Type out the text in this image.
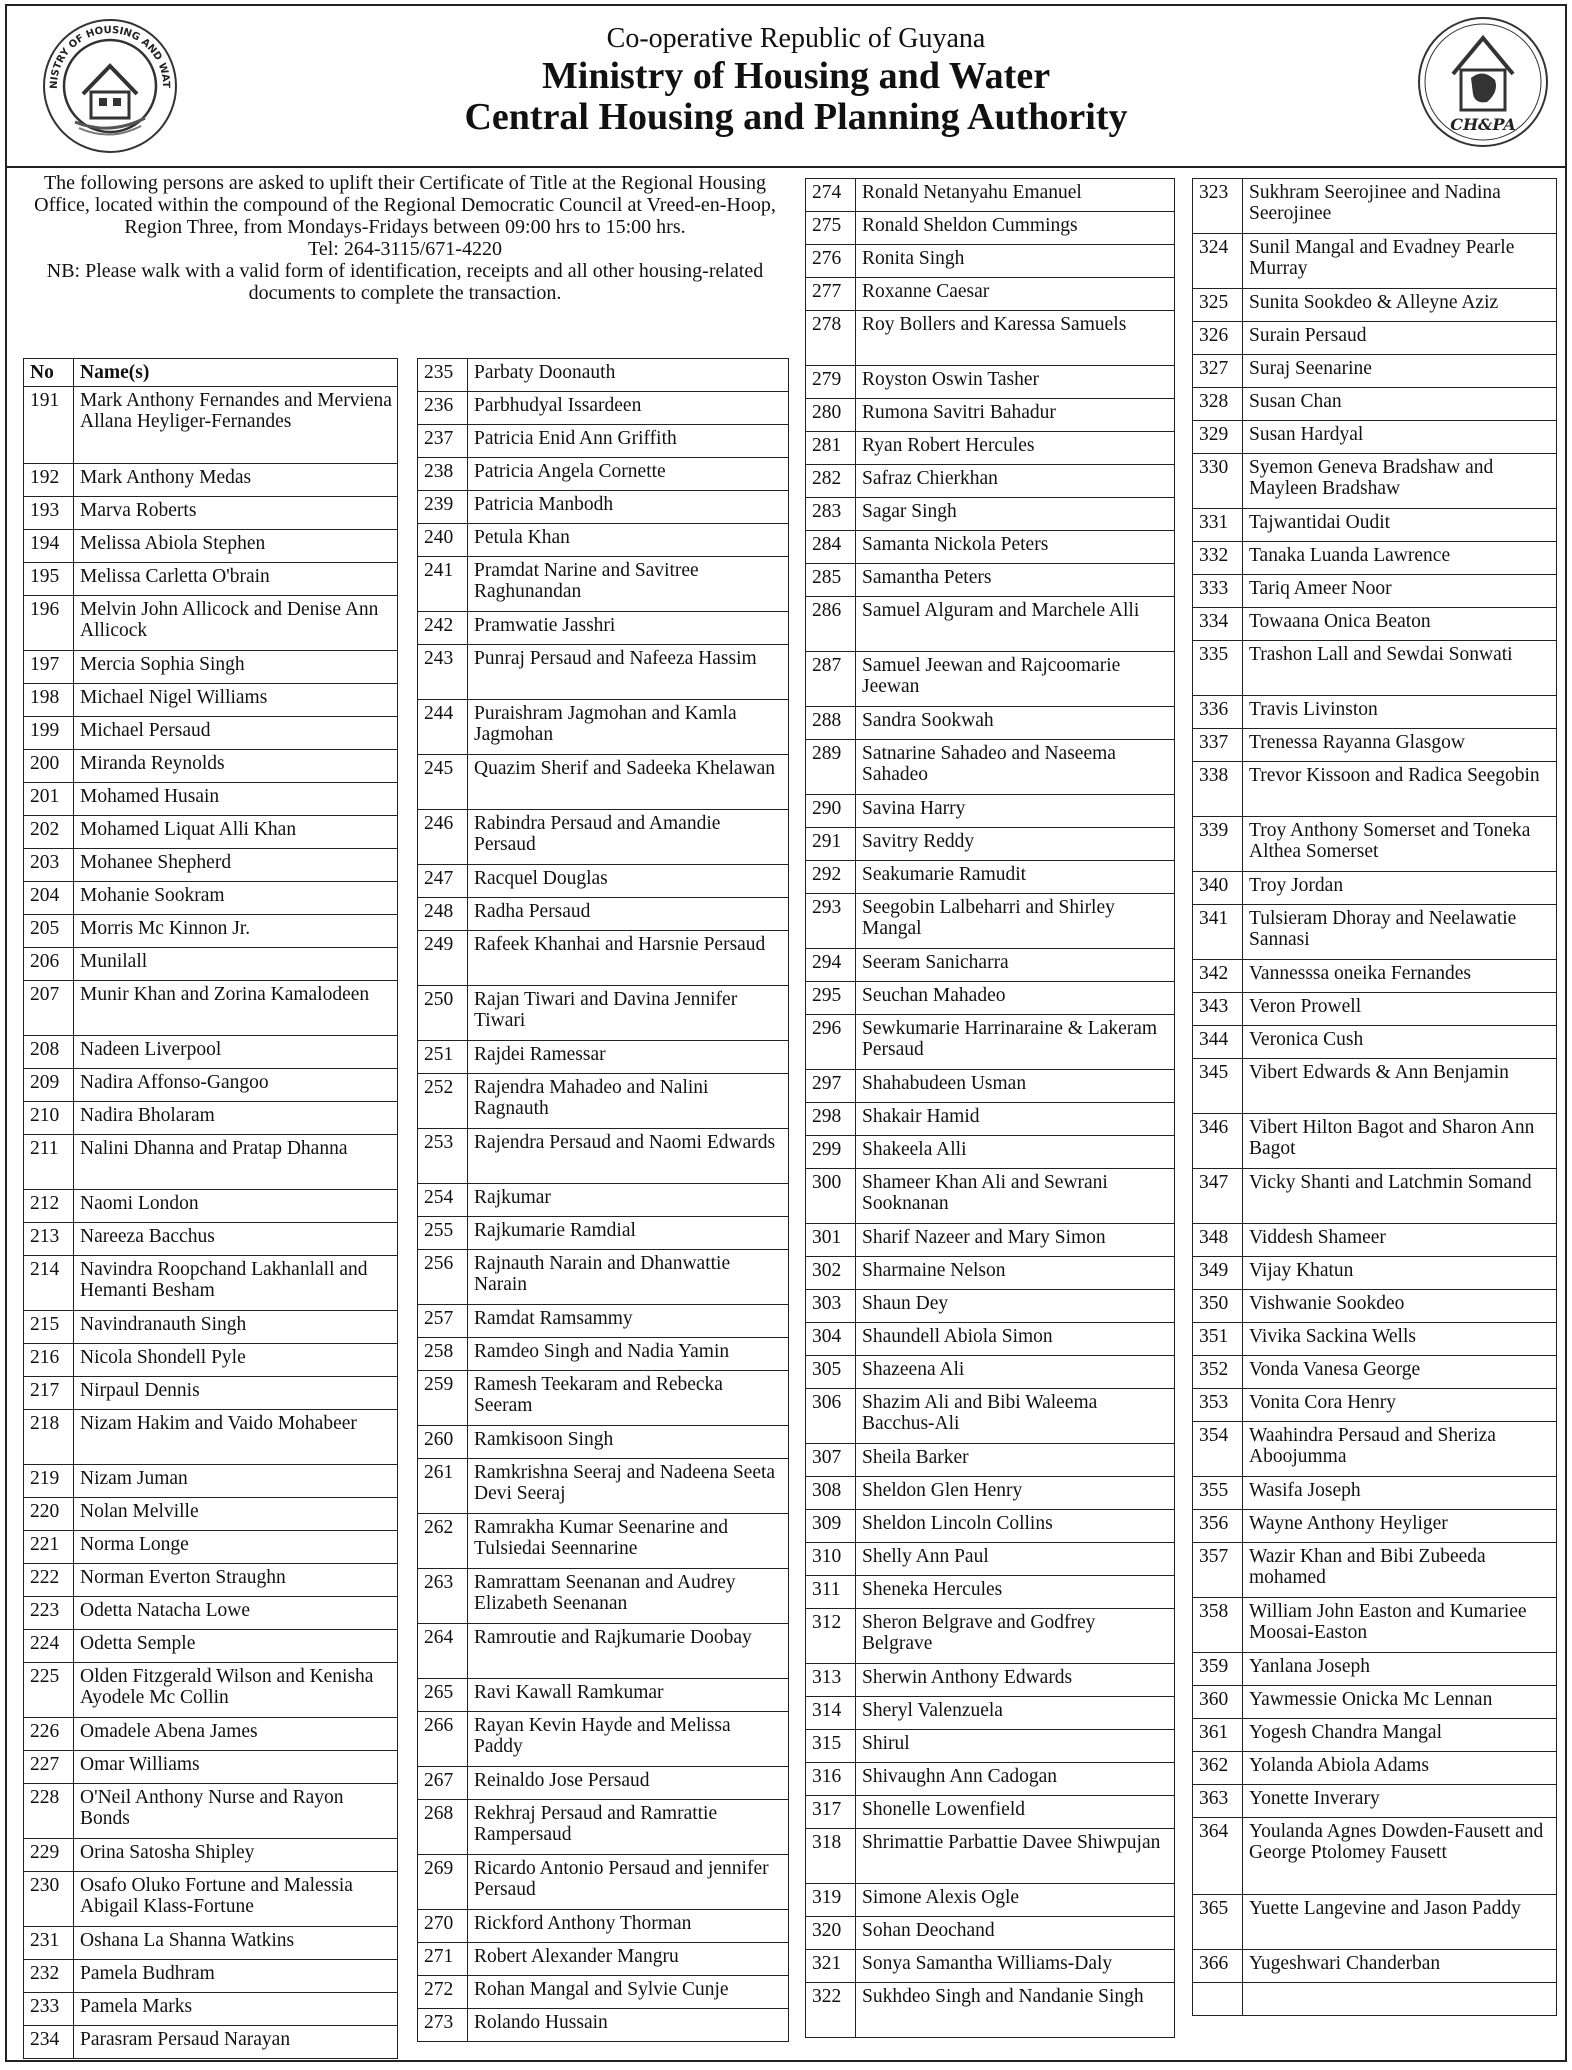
NISTRY OF HOUSING AND WAT
Co-operative Republic of Guyana
Ministry of Housing and Water
Central Housing and Planning Authority	CH&PA

The following persons are asked to uplift their Certificate of Title at the Regional Housing Office, located within the compound of the Regional Democratic Council at Vreed-en-Hoop, Region Three, from Mondays-Fridays between 09:00 hrs to 15:00 hrs.

Tel: 264-3115/671-4220

NB: Please walk with a valid form of identification, receipts and all other housing-related documents to complete the transaction.

No	Name(s)
191	Mark Anthony Fernandes and Merviena Allana Heyliger-Fernandes
192	Mark Anthony Medas
193	Marva Roberts
194	Melissa Abiola Stephen
195	Melissa Carletta O'brain
196	Melvin John Allicock and Denise Ann Allicock
197	Mercia Sophia Singh
198	Michael Nigel Williams
199	Michael Persaud
200	Miranda Reynolds
201	Mohamed Husain
202	Mohamed Liquat Alli Khan
203	Mohanee Shepherd
204	Mohanie Sookram
205	Morris Mc Kinnon Jr.
206	Munilall
207	Munir Khan and Zorina Kamalodeen
208	Nadeen Liverpool
209	Nadira Affonso-Gangoo
210	Nadira Bholaram
211	Nalini Dhanna and Pratap Dhanna
212	Naomi London
213	Nareeza Bacchus
214	Navindra Roopchand Lakhanlall and Hemanti Besham
215	Navindranauth Singh
216	Nicola Shondell Pyle
217	Nirpaul Dennis
218	Nizam Hakim and Vaido Mohabeer
219	Nizam Juman
220	Nolan Melville
221	Norma Longe
222	Norman Everton Straughn
223	Odetta Natacha Lowe
224	Odetta Semple
225	Olden Fitzgerald Wilson and Kenisha Ayodele Mc Collin
226	Omadele Abena James
227	Omar Williams
228	O'Neil Anthony Nurse and Rayon Bonds
229	Orina Satosha Shipley
230	Osafo Oluko Fortune and Malessia Abigail Klass-Fortune
231	Oshana La Shanna Watkins
232	Pamela Budhram
233	Pamela Marks
234	Parasram Persaud Narayan
235	Parbaty Doonauth
236	Parbhudyal Issardeen
237	Patricia Enid Ann Griffith
238	Patricia Angela Cornette
239	Patricia Manbodh
240	Petula Khan
241	Pramdat Narine and Savitree Raghunandan
242	Pramwatie Jasshri
243	Punraj Persaud and Nafeeza Hassim
244	Puraishram Jagmohan and Kamla Jagmohan
245	Quazim Sherif and Sadeeka Khelawan
246	Rabindra Persaud and Amandie Persaud
247	Racquel Douglas
248	Radha Persaud
249	Rafeek Khanhai and Harsnie Persaud
250	Rajan Tiwari and Davina Jennifer Tiwari
251	Rajdei Ramessar
252	Rajendra Mahadeo and Nalini Ragnauth
253	Rajendra Persaud and Naomi Edwards
254	Rajkumar
255	Rajkumarie Ramdial
256	Rajnauth Narain and Dhanwattie Narain
257	Ramdat Ramsammy
258	Ramdeo Singh and Nadia Yamin
259	Ramesh Teekaram and Rebecka Seeram
260	Ramkisoon Singh
261	Ramkrishna Seeraj and Nadeena Seeta Devi Seeraj
262	Ramrakha Kumar Seenarine and Tulsiedai Seennarine
263	Ramrattam Seenanan and Audrey Elizabeth Seenanan
264	Ramroutie and Rajkumarie Doobay
265	Ravi Kawall Ramkumar
266	Rayan Kevin Hayde and Melissa Paddy
267	Reinaldo Jose Persaud
268	Rekhraj Persaud and Ramrattie Rampersaud
269	Ricardo Antonio Persaud and jennifer Persaud
270	Rickford Anthony Thorman
271	Robert Alexander Mangru
272	Rohan Mangal and Sylvie Cunje
273	Rolando Hussain
274	Ronald Netanyahu Emanuel
275	Ronald Sheldon Cummings
276	Ronita Singh
277	Roxanne Caesar
278	Roy Bollers and Karessa Samuels
279	Royston Oswin Tasher
280	Rumona Savitri Bahadur
281	Ryan Robert Hercules
282	Safraz Chierkhan
283	Sagar Singh
284	Samanta Nickola Peters
285	Samantha Peters
286	Samuel Alguram and Marchele Alli
287	Samuel Jeewan and Rajcoomarie Jeewan
288	Sandra Sookwah
289	Satnarine Sahadeo and Naseema Sahadeo
290	Savina Harry
291	Savitry Reddy
292	Seakumarie Ramudit
293	Seegobin Lalbeharri and Shirley Mangal
294	Seeram Sanicharra
295	Seuchan Mahadeo
296	Sewkumarie Harrinaraine & Lakeram Persaud
297	Shahabudeen Usman
298	Shakair Hamid
299	Shakeela Alli
300	Shameer Khan Ali and Sewrani Sooknanan
301	Sharif Nazeer and Mary Simon
302	Sharmaine Nelson
303	Shaun Dey
304	Shaundell Abiola Simon
305	Shazeena Ali
306	Shazim Ali and Bibi Waleema Bacchus-Ali
307	Sheila Barker
308	Sheldon Glen Henry
309	Sheldon Lincoln Collins
310	Shelly Ann Paul
311	Sheneka Hercules
312	Sheron Belgrave and Godfrey Belgrave
313	Sherwin Anthony Edwards
314	Sheryl Valenzuela
315	Shirul
316	Shivaughn Ann Cadogan
317	Shonelle Lowenfield
318	Shrimattie Parbattie Davee Shiwpujan
319	Simone Alexis Ogle
320	Sohan Deochand
321	Sonya Samantha Williams-Daly
322	Sukhdeo Singh and Nandanie Singh
323	Sukhram Seerojinee and Nadina Seerojinee
324	Sunil Mangal and Evadney Pearle Murray
325	Sunita Sookdeo & Alleyne Aziz
326	Surain Persaud
327	Suraj Seenarine
328	Susan Chan
329	Susan Hardyal
330	Syemon Geneva Bradshaw and Mayleen Bradshaw
331	Tajwantidai Oudit
332	Tanaka Luanda Lawrence
333	Tariq Ameer Noor
334	Towaana Onica Beaton
335	Trashon Lall and Sewdai Sonwati
336	Travis Livinston
337	Trenessa Rayanna Glasgow
338	Trevor Kissoon and Radica Seegobin
339	Troy Anthony Somerset and Toneka Althea Somerset
340	Troy Jordan
341	Tulsieram Dhoray and Neelawatie Sannasi
342	Vannesssa oneika Fernandes
343	Veron Prowell
344	Veronica Cush
345	Vibert Edwards & Ann Benjamin
346	Vibert Hilton Bagot and Sharon Ann Bagot
347	Vicky Shanti and Latchmin Somand
348	Viddesh Shameer
349	Vijay Khatun
350	Vishwanie Sookdeo
351	Vivika Sackina Wells
352	Vonda Vanesa George
353	Vonita Cora Henry
354	Waahindra Persaud and Sheriza Aboojumma
355	Wasifa Joseph
356	Wayne Anthony Heyliger
357	Wazir Khan and Bibi Zubeeda mohamed
358	William John Easton and Kumariee Moosai-Easton
359	Yanlana Joseph
360	Yawmessie Onicka Mc Lennan
361	Yogesh Chandra Mangal
362	Yolanda Abiola Adams
363	Yonette Inverary
364	Youlanda Agnes Dowden-Fausett and George Ptolomey Fausett
365	Yuette Langevine and Jason Paddy
366	Yugeshwari Chanderban
